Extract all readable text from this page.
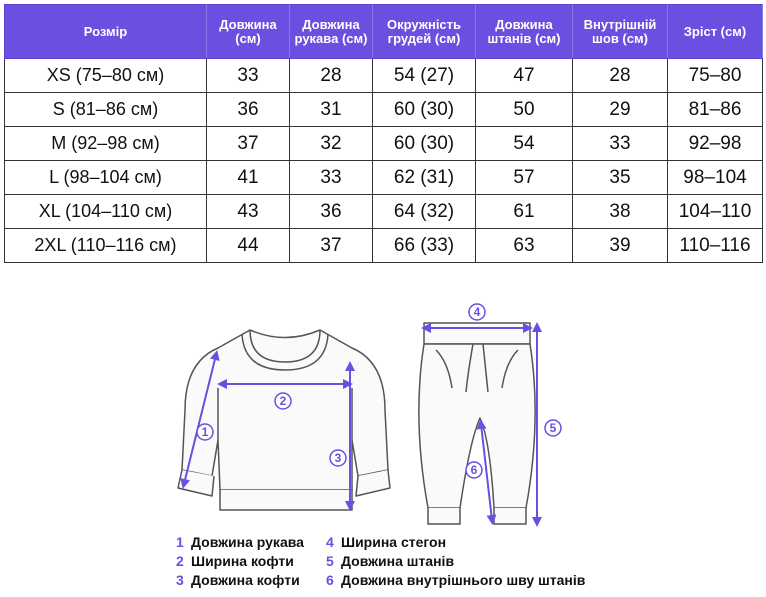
Розмір	Довжина (см)	Довжина рукава (см)	Окружність грудей (см)	Довжина штанів (см)	Внутрішній шов (см)	Зріст (см)
XS (75–80 см)	33	28	54 (27)	47	28	75–80
S (81–86 см)	36	31	60 (30)	50	29	81–86
M (92–98 см)	37	32	60 (30)	54	33	92–98
L (98–104 см)	41	33	62 (31)	57	35	98–104
XL (104–110 см)	43	36	64 (32)	61	38	104–110
2XL (110–116 см)	44	37	66 (33)	63	39	110–116
1
2
3
4
5
6
1 Довжина рукава
2 Ширина кофти
3 Довжина кофти
4 Ширина стегон
5 Довжина штанів
6 Довжина внутрішнього шву штанів
